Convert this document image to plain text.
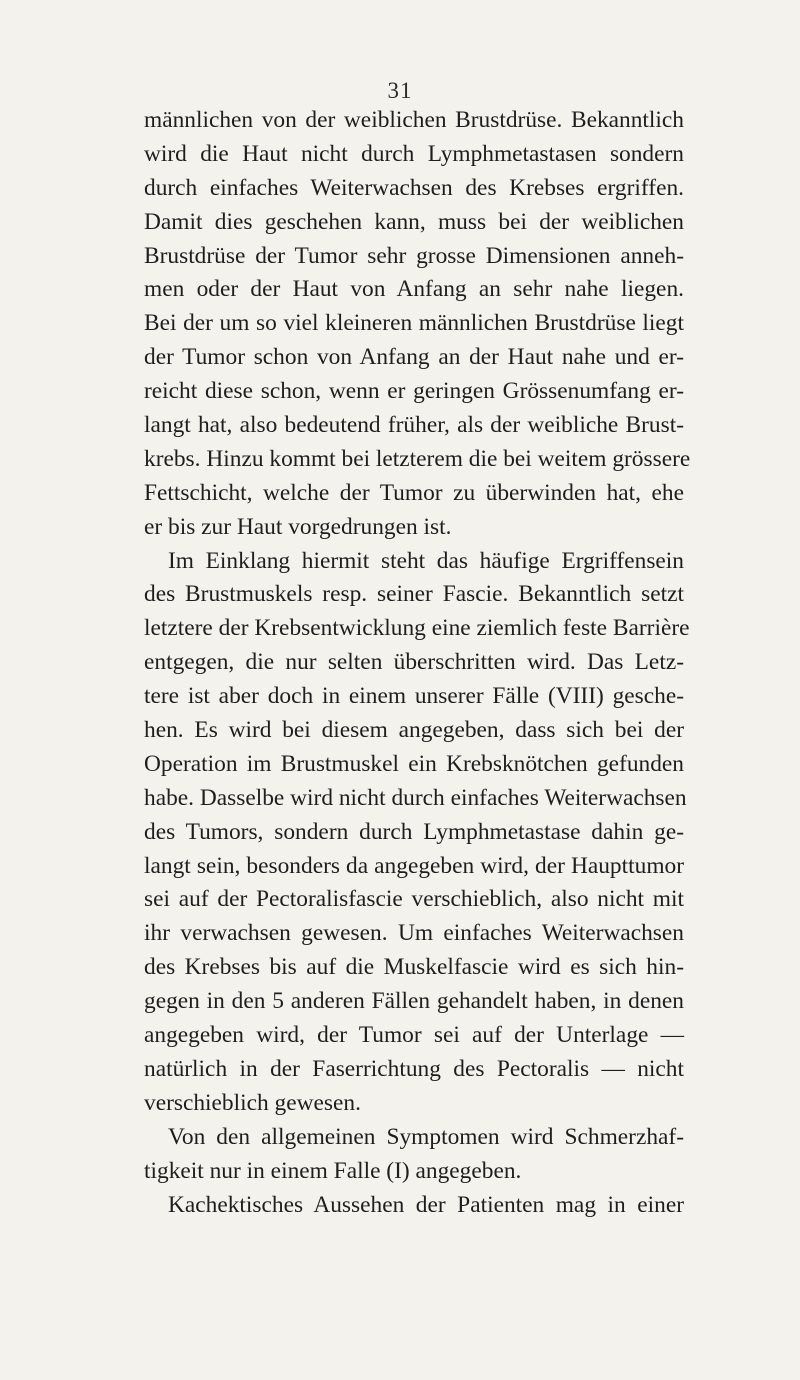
31
männlichen von der weiblichen Brustdrüse. Bekanntlich
wird die Haut nicht durch Lymphmetastasen sondern
durch einfaches Weiterwachsen des Krebses ergriffen.
Damit dies geschehen kann, muss bei der weiblichen
Brustdrüse der Tumor sehr grosse Dimensionen anneh-
men oder der Haut von Anfang an sehr nahe liegen.
Bei der um so viel kleineren männlichen Brustdrüse liegt
der Tumor schon von Anfang an der Haut nahe und er-
reicht diese schon, wenn er geringen Grössenumfang er-
langt hat, also bedeutend früher, als der weibliche Brust-
krebs. Hinzu kommt bei letzterem die bei weitem grössere
Fettschicht, welche der Tumor zu überwinden hat, ehe
er bis zur Haut vorgedrungen ist.
Im Einklang hiermit steht das häufige Ergriffensein
des Brustmuskels resp. seiner Fascie. Bekanntlich setzt
letztere der Krebsentwicklung eine ziemlich feste Barrière
entgegen, die nur selten überschritten wird. Das Letz-
tere ist aber doch in einem unserer Fälle (VIII) gesche-
hen. Es wird bei diesem angegeben, dass sich bei der
Operation im Brustmuskel ein Krebsknötchen gefunden
habe. Dasselbe wird nicht durch einfaches Weiterwachsen
des Tumors, sondern durch Lymphmetastase dahin ge-
langt sein, besonders da angegeben wird, der Haupttumor
sei auf der Pectoralisfascie verschieblich, also nicht mit
ihr verwachsen gewesen. Um einfaches Weiterwachsen
des Krebses bis auf die Muskelfascie wird es sich hin-
gegen in den 5 anderen Fällen gehandelt haben, in denen
angegeben wird, der Tumor sei auf der Unterlage —
natürlich in der Faserrichtung des Pectoralis — nicht
verschieblich gewesen.
Von den allgemeinen Symptomen wird Schmerzhaf-
tigkeit nur in einem Falle (I) angegeben.
Kachektisches Aussehen der Patienten mag in einer
